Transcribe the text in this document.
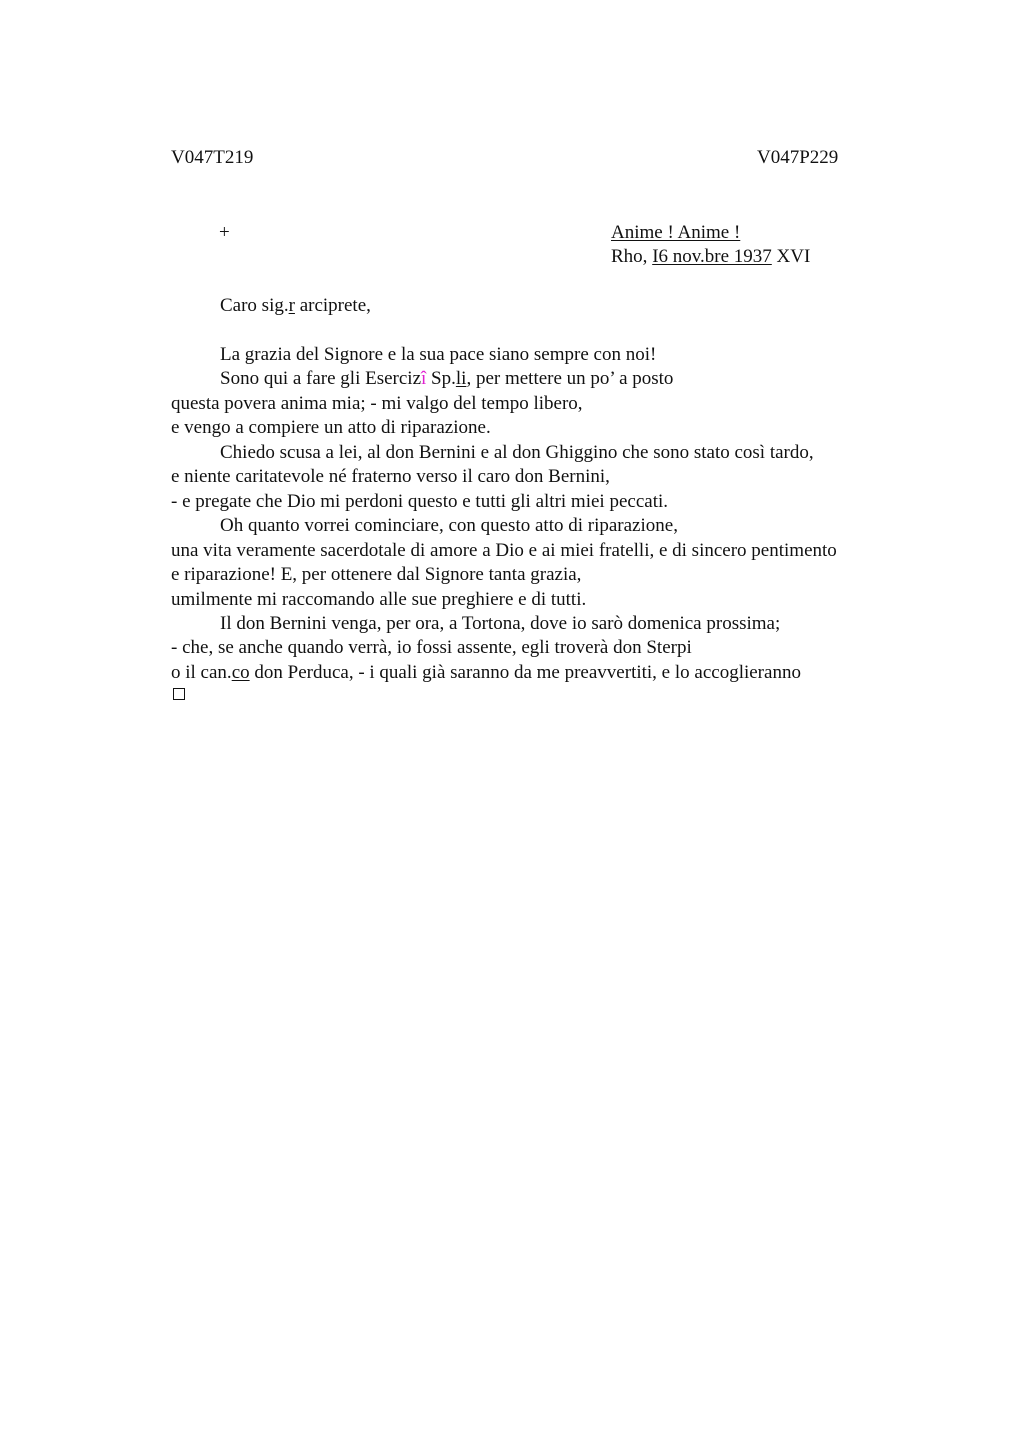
V047T219	V047P229
+	Anime ! Anime !
Rho, I6 nov.bre 1937 XVI
Caro sig.r arciprete,
La grazia del Signore e la sua pace siano sempre con noi!
Sono qui a fare gli Esercizî Sp.li, per mettere un po’ a posto
questa povera anima mia; - mi valgo del tempo libero,
e vengo a compiere un atto di riparazione.
Chiedo scusa a lei, al don Bernini e al don Ghiggino che sono stato così tardo,
e niente caritatevole né fraterno verso il caro don Bernini,
- e pregate che Dio mi perdoni questo e tutti gli altri miei peccati.
Oh quanto vorrei cominciare, con questo atto di riparazione,
una vita veramente sacerdotale di amore a Dio e ai miei fratelli, e di sincero pentimento
e riparazione! E, per ottenere dal Signore tanta grazia,
umilmente mi raccomando alle sue preghiere e di tutti.
Il don Bernini venga, per ora, a Tortona, dove io sarò domenica prossima;
- che, se anche quando verrà, io fossi assente, egli troverà don Sterpi
o il can.co don Perduca, - i quali già saranno da me preavvertiti, e lo accoglieranno
